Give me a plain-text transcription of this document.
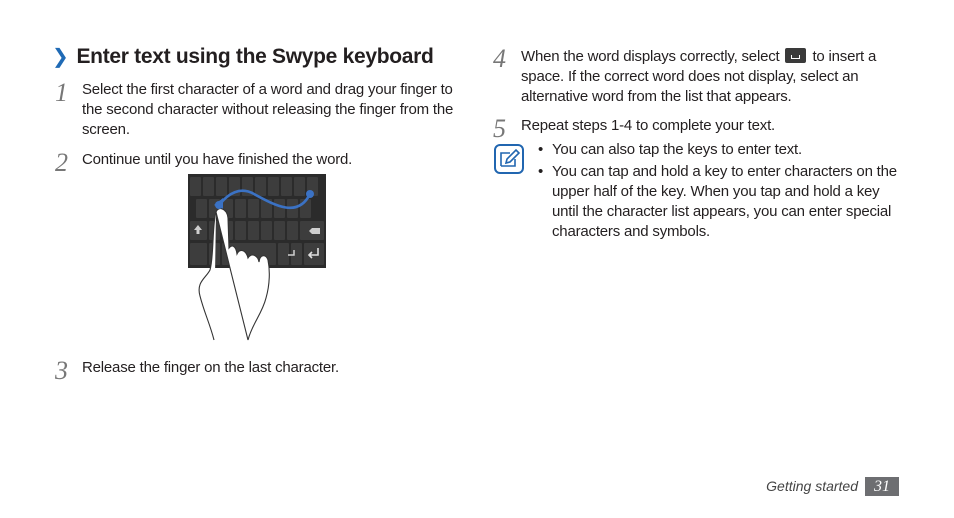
❯ Enter text using the Swype keyboard
1 Select the first character of a word and drag your finger to the second character without releasing the finger from the screen.
2 Continue until you have finished the word.
3 Release the finger on the last character.
4 When the word displays correctly, select to insert a space. If the correct word does not display, select an alternative word from the list that appears.
5 Repeat steps 1-4 to complete your text.
• You can also tap the keys to enter text.
• You can tap and hold a key to enter characters on the upper half of the key. When you tap and hold a key until the character list appears, you can enter special characters and symbols.
Getting started	31
